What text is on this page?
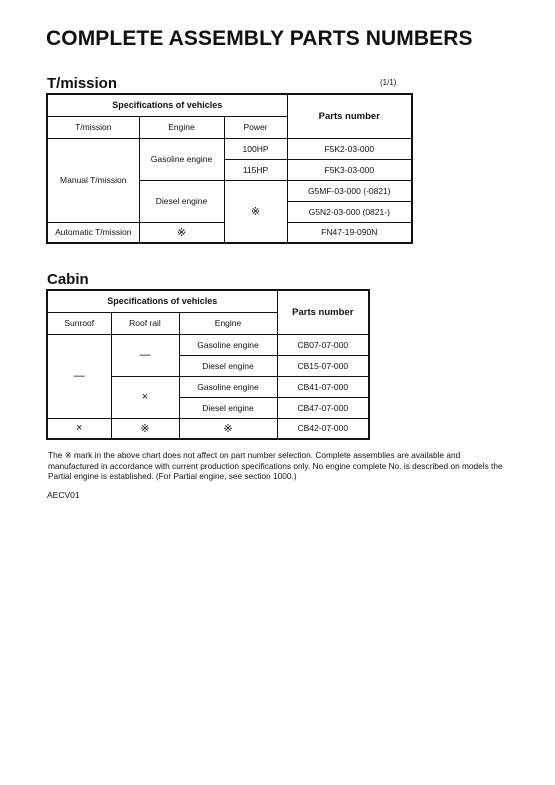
COMPLETE ASSEMBLY PARTS NUMBERS
T/mission	(1/1)
Specifications of vehicles			Parts number
T/mission	Engine	Power	
Manual T/mission	Gasoline engine	100HP	F5K2-03-000
		115HP	F5K3-03-000
	Diesel engine	※	G5MF-03-000 (-0821)
			G5N2-03-000 (0821-)
Automatic T/mission	※		FN47-19-090N
Cabin
Specifications of vehicles			Parts number
Sunroof	Roof rail	Engine	
—	—	Gasoline engine	CB07-07-000
		Diesel engine	CB15-07-000
	×	Gasoline engine	CB41-07-000
		Diesel engine	CB47-07-000
×	※	※	CB42-07-000
The ※ mark in the above chart does not affect on part number selection. Complete assemblies are available and manufactured in accordance with current production specifications only. No engine complete No. is described on models the Partial engine is established. (For Partial engine, see section 1000.)
AECV01
